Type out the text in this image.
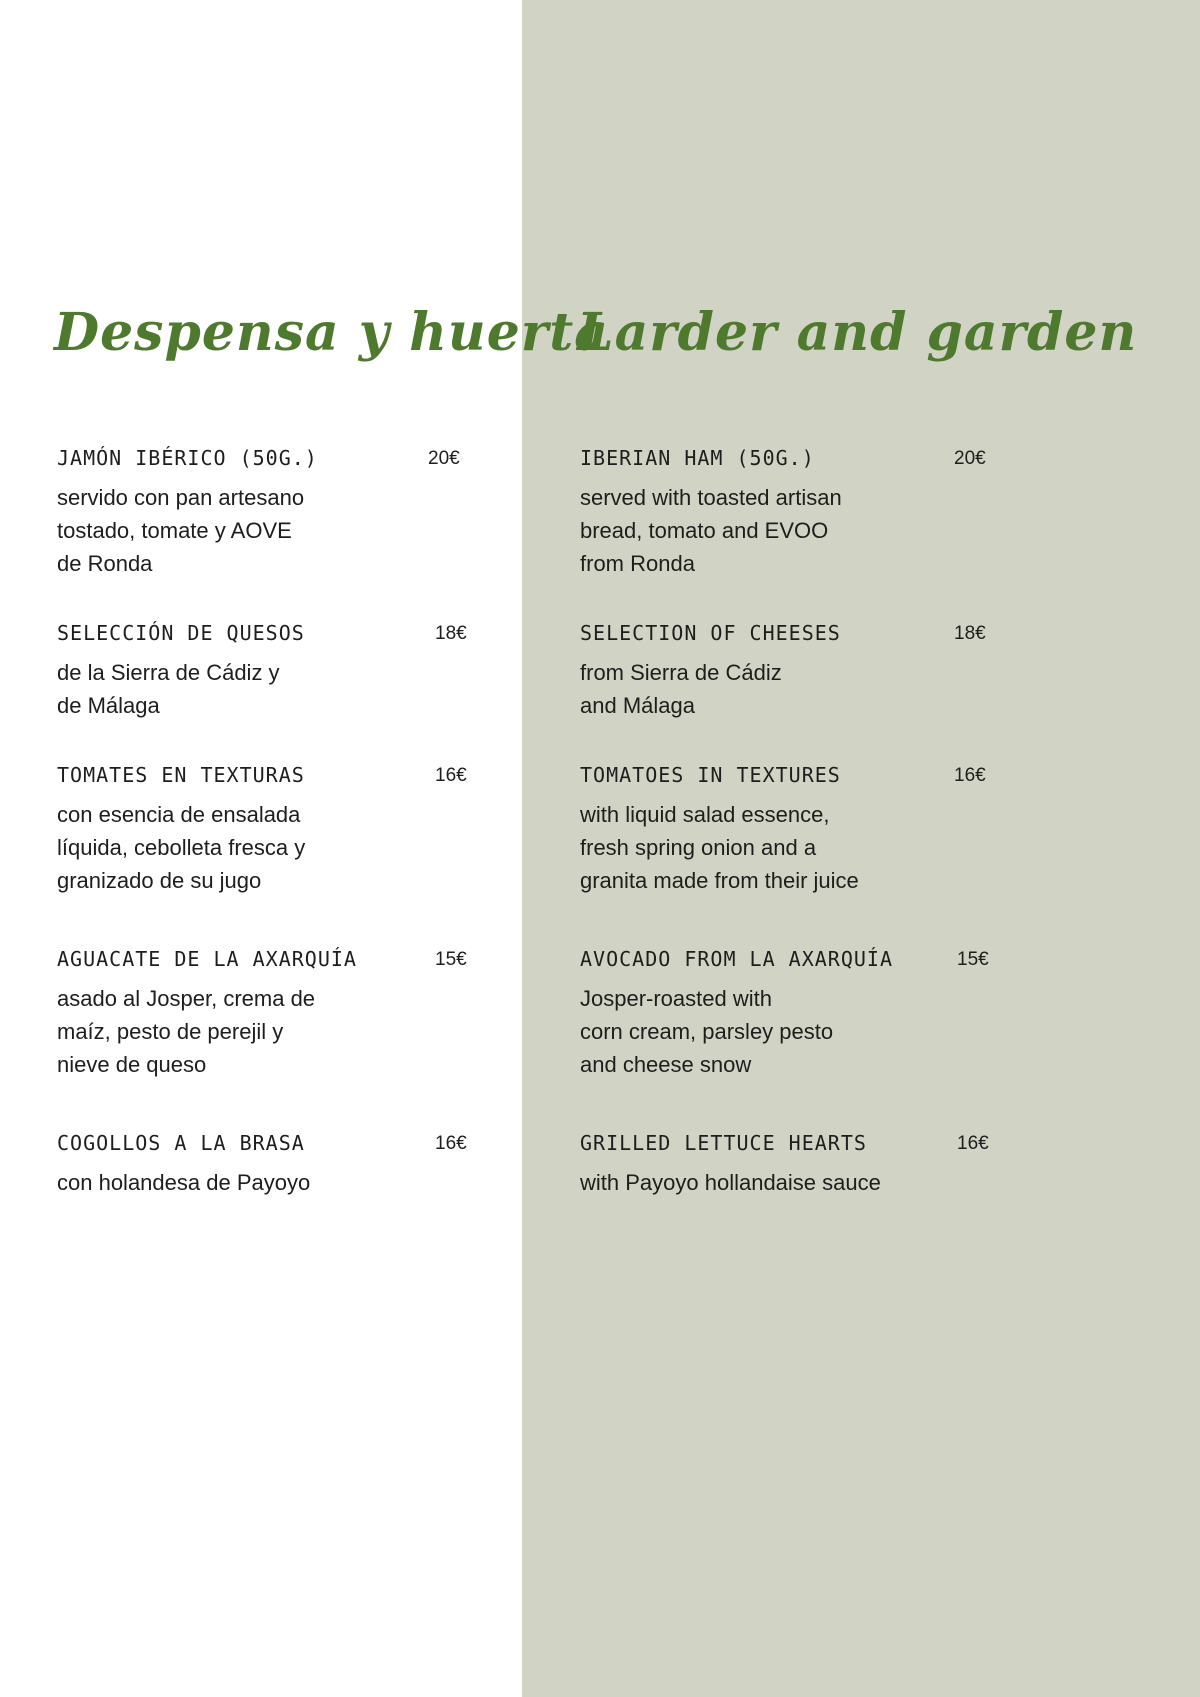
Despensa y huerta
JAMÓN IBÉRICO (50G.)	20€
servido con pan artesano
tostado, tomate y AOVE
de Ronda
SELECCIÓN DE QUESOS	18€
de la Sierra de Cádiz y
de Málaga
TOMATES EN TEXTURAS	16€
con esencia de ensalada
líquida, cebolleta fresca y
granizado de su jugo
AGUACATE DE LA AXARQUÍA	15€
asado al Josper, crema de
maíz, pesto de perejil y
nieve de queso
COGOLLOS A LA BRASA	16€
con holandesa de Payoyo
Larder and garden
IBERIAN HAM (50G.)	20€
served with toasted artisan
bread, tomato and EVOO
from Ronda
SELECTION OF CHEESES	18€
from Sierra de Cádiz
and Málaga
TOMATOES IN TEXTURES	16€
with liquid salad essence,
fresh spring onion and a
granita made from their juice
AVOCADO FROM LA AXARQUÍA	15€
Josper-roasted with
corn cream, parsley pesto
and cheese snow
GRILLED LETTUCE HEARTS	16€
with Payoyo hollandaise sauce
